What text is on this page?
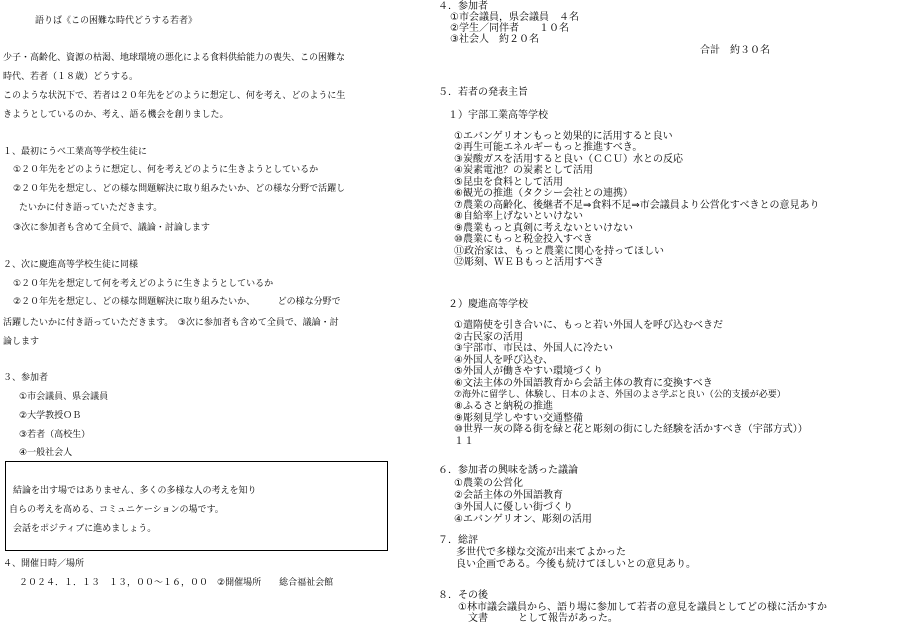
語りば《この困難な時代どうする若者》
少子・高齢化、資源の枯渇、地球環境の悪化による食料供給能力の喪失、この困難な
時代、若者（１８歳）どうする。
このような状況下で、若者は２０年先をどのように想定し、何を考え、どのように生
きようとしているのか、考え、語る機会を創りました。
１、最初にうべ工業高等学校生徒に
①２０年先をどのように想定し、何を考えどのように生きようとしているか
②２０年先を想定し、どの様な問題解決に取り組みたいか、どの様な分野で活躍し
たいかに付き語っていただきます。
③次に参加者も含めて全員で、議論・討論します
２、次に慶進高等学校生徒に同様
①２０年先を想定して何を考えどのように生きようとしているか
②２０年先を想定し、どの様な問題解決に取り組みたいか、　　　どの様な分野で
活躍したいかに付き語っていただきます。　③次に参加者も含めて全員で、議論・討
論します
３、参加者
①市会議員、県会議員
②大学教授ＯＢ
③若者（高校生）
④一般社会人
結論を出す場ではありません、多くの多様な人の考えを知り
自らの考えを高める、コミュニケーションの場です。
会話をポジティブに進めましょう。
４、開催日時／場所
２０２４．１．１３　１３，００～１６，００　②開催場所　　総合福祉会館
４．参加者
①市会議員，県会議員　４名
②学生／同伴者　　１０名
③社会人　約２０名
合計　約３０名
５．若者の発表主旨
１）宇部工業高等学校
①エバンゲリオンもっと効果的に活用すると良い
②再生可能エネルギーもっと推進すべき。
③炭酸ガスを活用すると良い（ＣＣＵ）水との反応
④炭素電池？の炭素として活用
⑤昆虫を食料として活用
⑥観光の推進（タクシー会社との連携）
⑦農業の高齢化、後継者不足⇒食料不足⇒市会議員より公営化すべきとの意見あり
⑧自給率上げないといけない
⑨農業もっと真剣に考えないといけない
⑩農業にもっと税金投入すべき
⑪政治家は、もっと農業に関心を持ってほしい
⑫彫刻、ＷＥＢもっと活用すべき
２）慶進高等学校
①遣隋使を引き合いに、もっと若い外国人を呼び込むべきだ
②古民家の活用
③宇部市、市民は、外国人に冷たい
④外国人を呼び込む、
⑤外国人が働きやすい環境づくり
⑥文法主体の外国語教育から会話主体の教育に変換すべき
⑦海外に留学し、体験し、日本のよさ、外国のよさ学ぶと良い（公的支援が必要）
⑧ふるさと納税の推進
⑨彫刻見学しやすい交通整備
⑩世界一灰の降る街を緑と花と彫刻の街にした経験を活かすべき（宇部方式））
１１
６．参加者の興味を誘った議論
①農業の公営化
②会話主体の外国語教育
③外国人に優しい街づくり
④エバンゲリオン、彫刻の活用
７．総評
多世代で多様な交流が出来てよかった
良い企画である。今後も続けてほしいとの意見あり。
８．その後
①林市議会議員から、語り場に参加して若者の意見を議員としてどの様に活かすか
文書　　　として報告があった。
